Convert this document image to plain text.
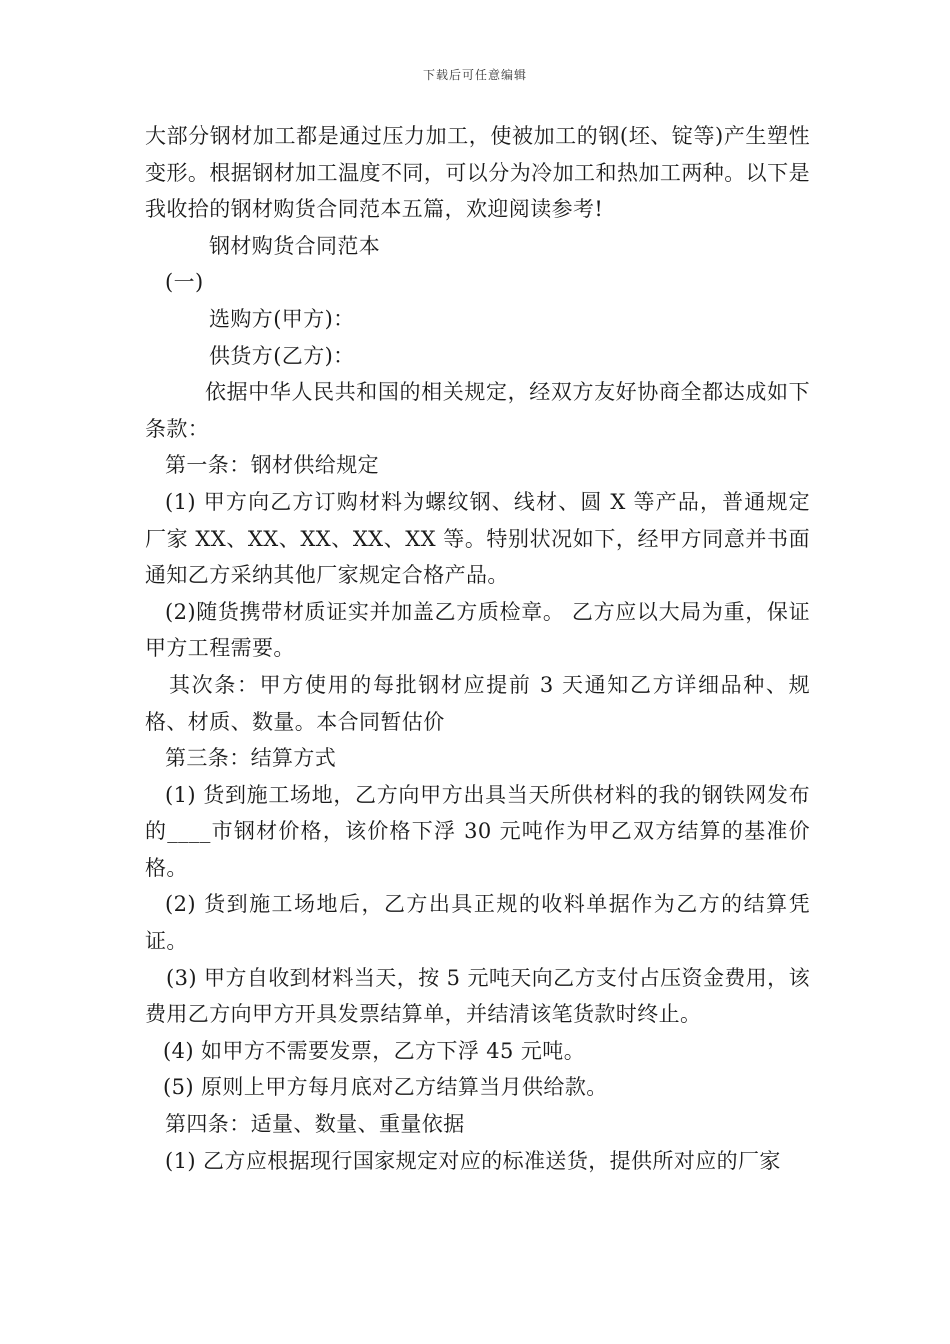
下载后可任意编辑

大部分钢材加工都是通过压力加工，使被加工的钢(坯、锭等)产生塑性变形。根据钢材加工温度不同，可以分为冷加工和热加工两种。以下是我收拾的钢材购货合同范本五篇，欢迎阅读参考!

钢材购货合同范本

(一)

选购方(甲方)：

供货方(乙方)：

依据中华人民共和国的相关规定，经双方友好协商全都达成如下条款：

第一条：钢材供给规定

(1) 甲方向乙方订购材料为螺纹钢、线材、圆 X 等产品，普通规定厂家 XX、XX、XX、XX、XX 等。特别状况如下，经甲方同意并书面通知乙方采纳其他厂家规定合格产品。

(2)随货携带材质证实并加盖乙方质检章。 乙方应以大局为重，保证甲方工程需要。

其次条：甲方使用的每批钢材应提前 3 天通知乙方详细品种、规格、材质、数量。本合同暂估价

第三条：结算方式

(1) 货到施工场地，乙方向甲方出具当天所供材料的我的钢铁网发布的____市钢材价格，该价格下浮 30 元吨作为甲乙双方结算的基准价格。

(2) 货到施工场地后，乙方出具正规的收料单据作为乙方的结算凭证。

(3) 甲方自收到材料当天，按 5 元吨天向乙方支付占压资金费用，该费用乙方向甲方开具发票结算单，并结清该笔货款时终止。

(4) 如甲方不需要发票，乙方下浮 45 元吨。

(5) 原则上甲方每月底对乙方结算当月供给款。

第四条：适量、数量、重量依据

(1) 乙方应根据现行国家规定对应的标准送货，提供所对应的厂家
